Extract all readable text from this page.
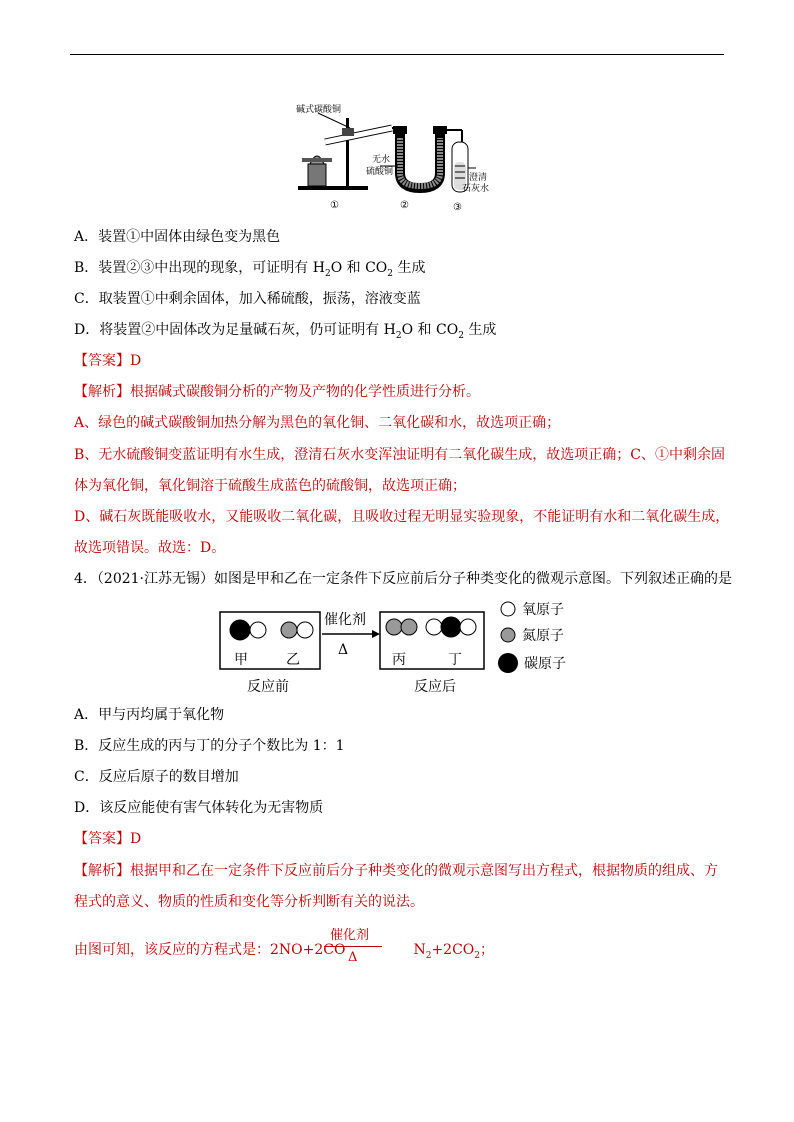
碱式碳酸铜
无水
硫酸铜
澄清
石灰水
①	②	③
A．装置①中固体由绿色变为黑色
B．装置②③中出现的现象，可证明有 $H_2O$ 和 $CO_2$ 生成
C．取装置①中剩余固体，加入稀硫酸，振荡，溶液变蓝
D．将装置②中固体改为足量碱石灰，仍可证明有 $H_2O$ 和 $CO_2$ 生成
【答案】D
【解析】根据碱式碳酸铜分析的产物及产物的化学性质进行分析。
A、绿色的碱式碳酸铜加热分解为黑色的氧化铜、二氧化碳和水，故选项正确；
B、无水硫酸铜变蓝证明有水生成，澄清石灰水变浑浊证明有二氧化碳生成，故选项正确；C、①中剩余固
体为氧化铜，氧化铜溶于硫酸生成蓝色的硫酸铜，故选项正确；
D、碱石灰既能吸收水，又能吸收二氧化碳，且吸收过程无明显实验现象，不能证明有水和二氧化碳生成，
故选项错误。故选：D。
4．（2021·江苏无锡）如图是甲和乙在一定条件下反应前后分子种类变化的微观示意图。下列叙述正确的是
甲	乙
反应前
催化剂
Δ
丙	丁
反应后
氧原子
氮原子
碳原子
A．甲与丙均属于氧化物
B．反应生成的丙与丁的分子个数比为 1：1
C．反应后原子的数目增加
D．该反应能使有害气体转化为无害物质
【答案】D
【解析】根据甲和乙在一定条件下反应前后分子种类变化的微观示意图写出方程式，根据物质的组成、方
程式的意义、物质的性质和变化等分析判断有关的说法。
由图可知，该反应的方程式是：2NO+2CO	$N_2+2CO_2$；
催化剂
Δ
